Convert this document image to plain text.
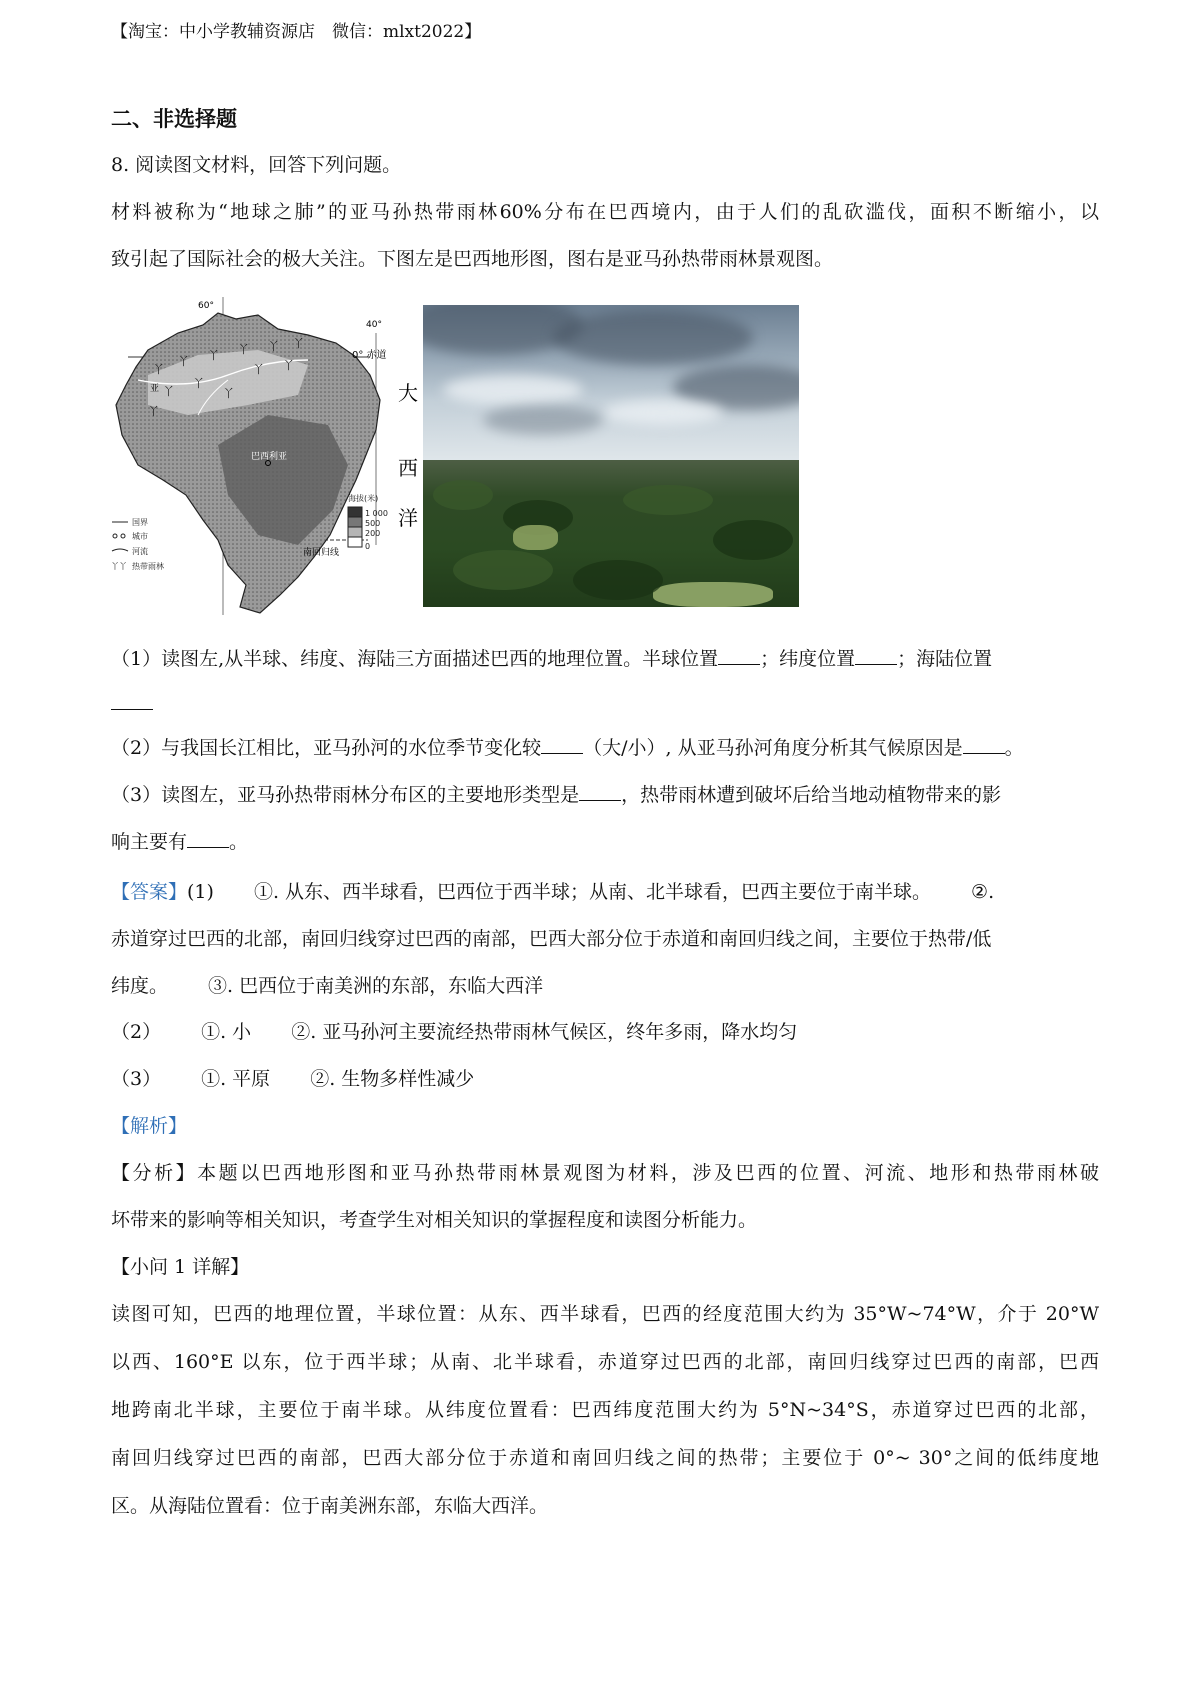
【淘宝：中小学教辅资源店　微信：mlxt2022】
二、非选择题
8. 阅读图文材料，回答下列问题。
材料被称为“地球之肺”的亚马孙热带雨林60%分布在巴西境内，由于人们的乱砍滥伐，面积不断缩小，以
致引起了国际社会的极大关注。下图左是巴西地形图，图右是亚马孙热带雨林景观图。
丫
丫 丫 丫 丫 丫
丫
丫
丫 丫
丫
丫
60°
40°
0° 赤道
大
西
洋
亚
巴西利亚
南回归线
国界
城市
河流
丫丫 热带雨林
海拔(米)
1 000
500
200
0
（1）读图左,从半球、纬度、海陆三方面描述巴西的地理位置。半球位置 ；纬度位置 ；海陆位置
（2）与我国长江相比，亚马孙河的水位季节变化较 （大/小）, 从亚马孙河角度分析其气候原因是 。
（3）读图左，亚马孙热带雨林分布区的主要地形类型是 ，热带雨林遭到破坏后给当地动植物带来的影
响主要有 。
【答案】(1) ①. 从东、西半球看，巴西位于西半球；从南、北半球看，巴西主要位于南半球。 ②.
赤道穿过巴西的北部，南回归线穿过巴西的南部，巴西大部分位于赤道和南回归线之间，主要位于热带/低
纬度。 ③. 巴西位于南美洲的东部，东临大西洋
（2） ①. 小 ②. 亚马孙河主要流经热带雨林气候区，终年多雨，降水均匀
（3） ①. 平原 ②. 生物多样性减少
【解析】
【分析】本题以巴西地形图和亚马孙热带雨林景观图为材料，涉及巴西的位置、河流、地形和热带雨林破
坏带来的影响等相关知识，考查学生对相关知识的掌握程度和读图分析能力。
【小问 1 详解】
读图可知，巴西的地理位置，半球位置：从东、西半球看，巴西的经度范围大约为 35°W~74°W，介于 20°W
以西、160°E 以东，位于西半球；从南、北半球看，赤道穿过巴西的北部，南回归线穿过巴西的南部，巴西
地跨南北半球，主要位于南半球。从纬度位置看：巴西纬度范围大约为 5°N~34°S，赤道穿过巴西的北部，
南回归线穿过巴西的南部，巴西大部分位于赤道和南回归线之间的热带；主要位于 0°~ 30°之间的低纬度地
区。从海陆位置看：位于南美洲东部，东临大西洋。
